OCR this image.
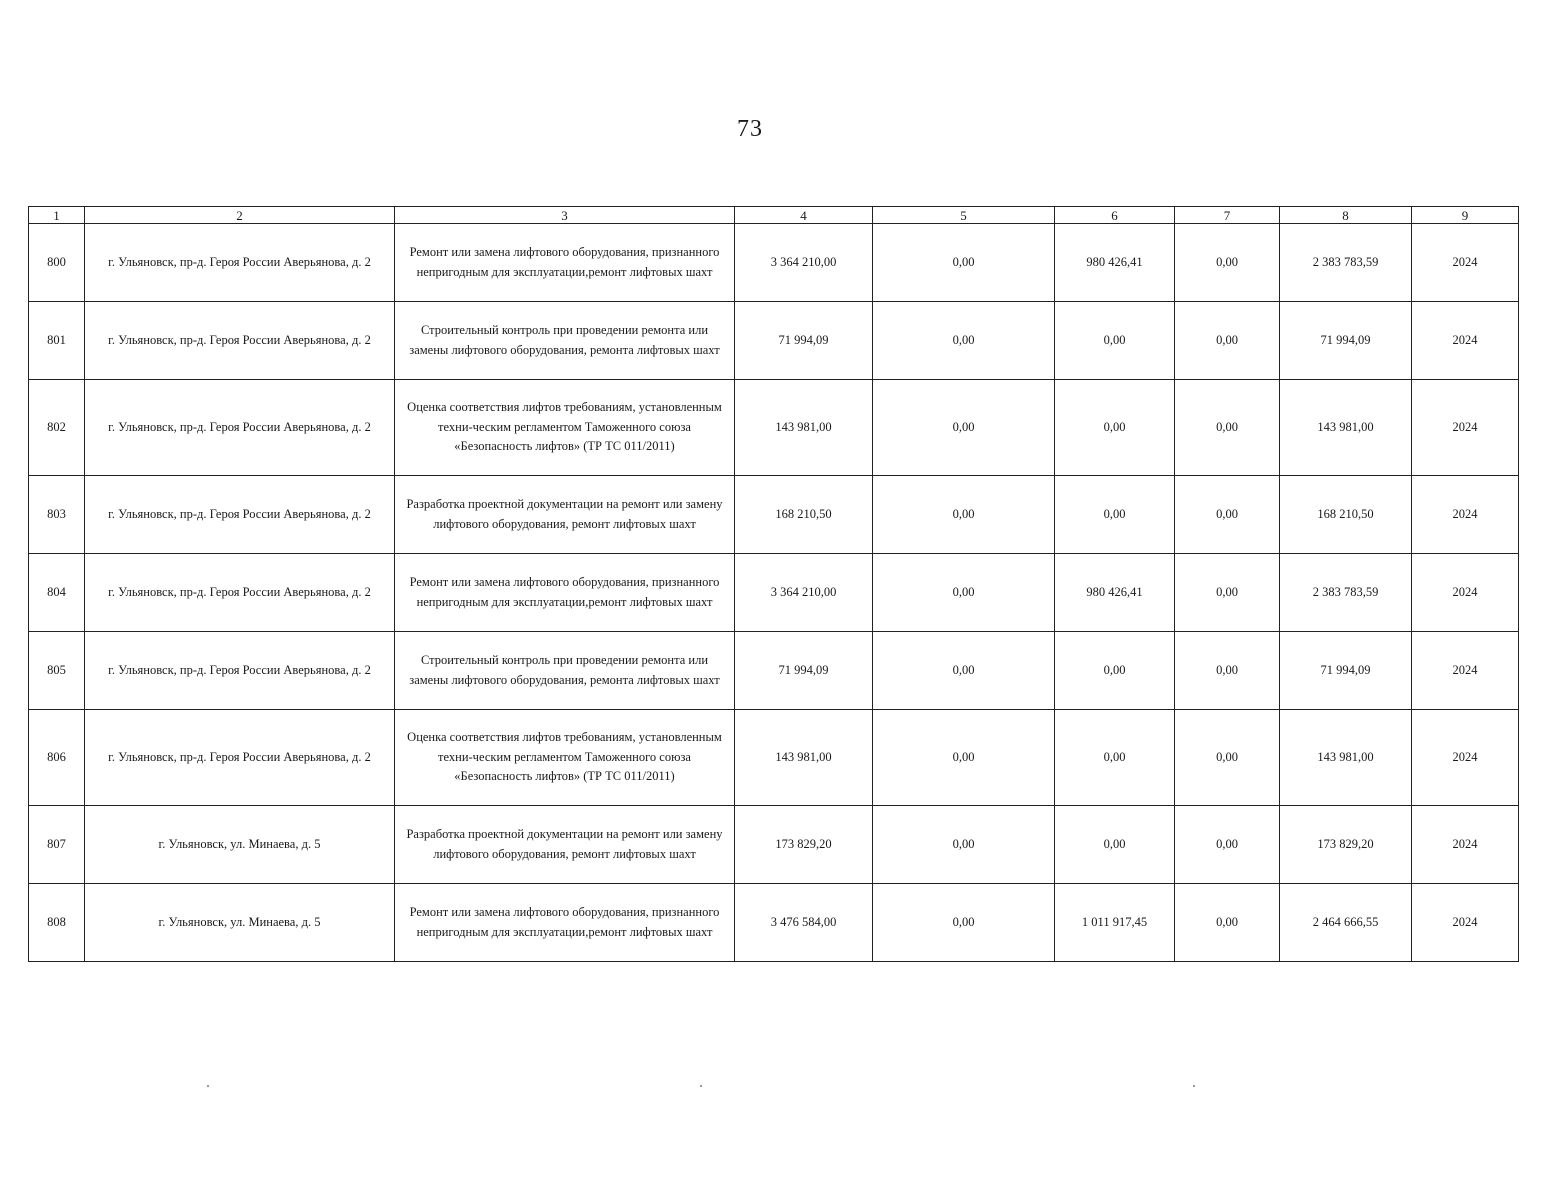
73
1	2	3	4	5	6	7	8	9
800	г. Ульяновск, пр-д. Героя России Аверьянова, д. 2	Ремонт или замена лифтового оборудования, признанного непригодным для эксплуатации,ремонт лифтовых шахт	3 364 210,00	0,00	980 426,41	0,00	2 383 783,59	2024
801	г. Ульяновск, пр-д. Героя России Аверьянова, д. 2	Строительный контроль при проведении ремонта или замены лифтового оборудования, ремонта лифтовых шахт	71 994,09	0,00	0,00	0,00	71 994,09	2024
802	г. Ульяновск, пр-д. Героя России Аверьянова, д. 2	Оценка соответствия лифтов требованиям, установленным техни-ческим регламентом Таможенного союза «Безопасность лифтов» (ТР ТС 011/2011)	143 981,00	0,00	0,00	0,00	143 981,00	2024
803	г. Ульяновск, пр-д. Героя России Аверьянова, д. 2	Разработка проектной документации на ремонт или замену лифтового оборудования, ремонт лифтовых шахт	168 210,50	0,00	0,00	0,00	168 210,50	2024
804	г. Ульяновск, пр-д. Героя России Аверьянова, д. 2	Ремонт или замена лифтового оборудования, признанного непригодным для эксплуатации,ремонт лифтовых шахт	3 364 210,00	0,00	980 426,41	0,00	2 383 783,59	2024
805	г. Ульяновск, пр-д. Героя России Аверьянова, д. 2	Строительный контроль при проведении ремонта или замены лифтового оборудования, ремонта лифтовых шахт	71 994,09	0,00	0,00	0,00	71 994,09	2024
806	г. Ульяновск, пр-д. Героя России Аверьянова, д. 2	Оценка соответствия лифтов требованиям, установленным техни-ческим регламентом Таможенного союза «Безопасность лифтов» (ТР ТС 011/2011)	143 981,00	0,00	0,00	0,00	143 981,00	2024
807	г. Ульяновск, ул. Минаева, д. 5	Разработка проектной документации на ремонт или замену лифтового оборудования, ремонт лифтовых шахт	173 829,20	0,00	0,00	0,00	173 829,20	2024
808	г. Ульяновск, ул. Минаева, д. 5	Ремонт или замена лифтового оборудования, признанного непригодным для эксплуатации,ремонт лифтовых шахт	3 476 584,00	0,00	1 011 917,45	0,00	2 464 666,55	2024
